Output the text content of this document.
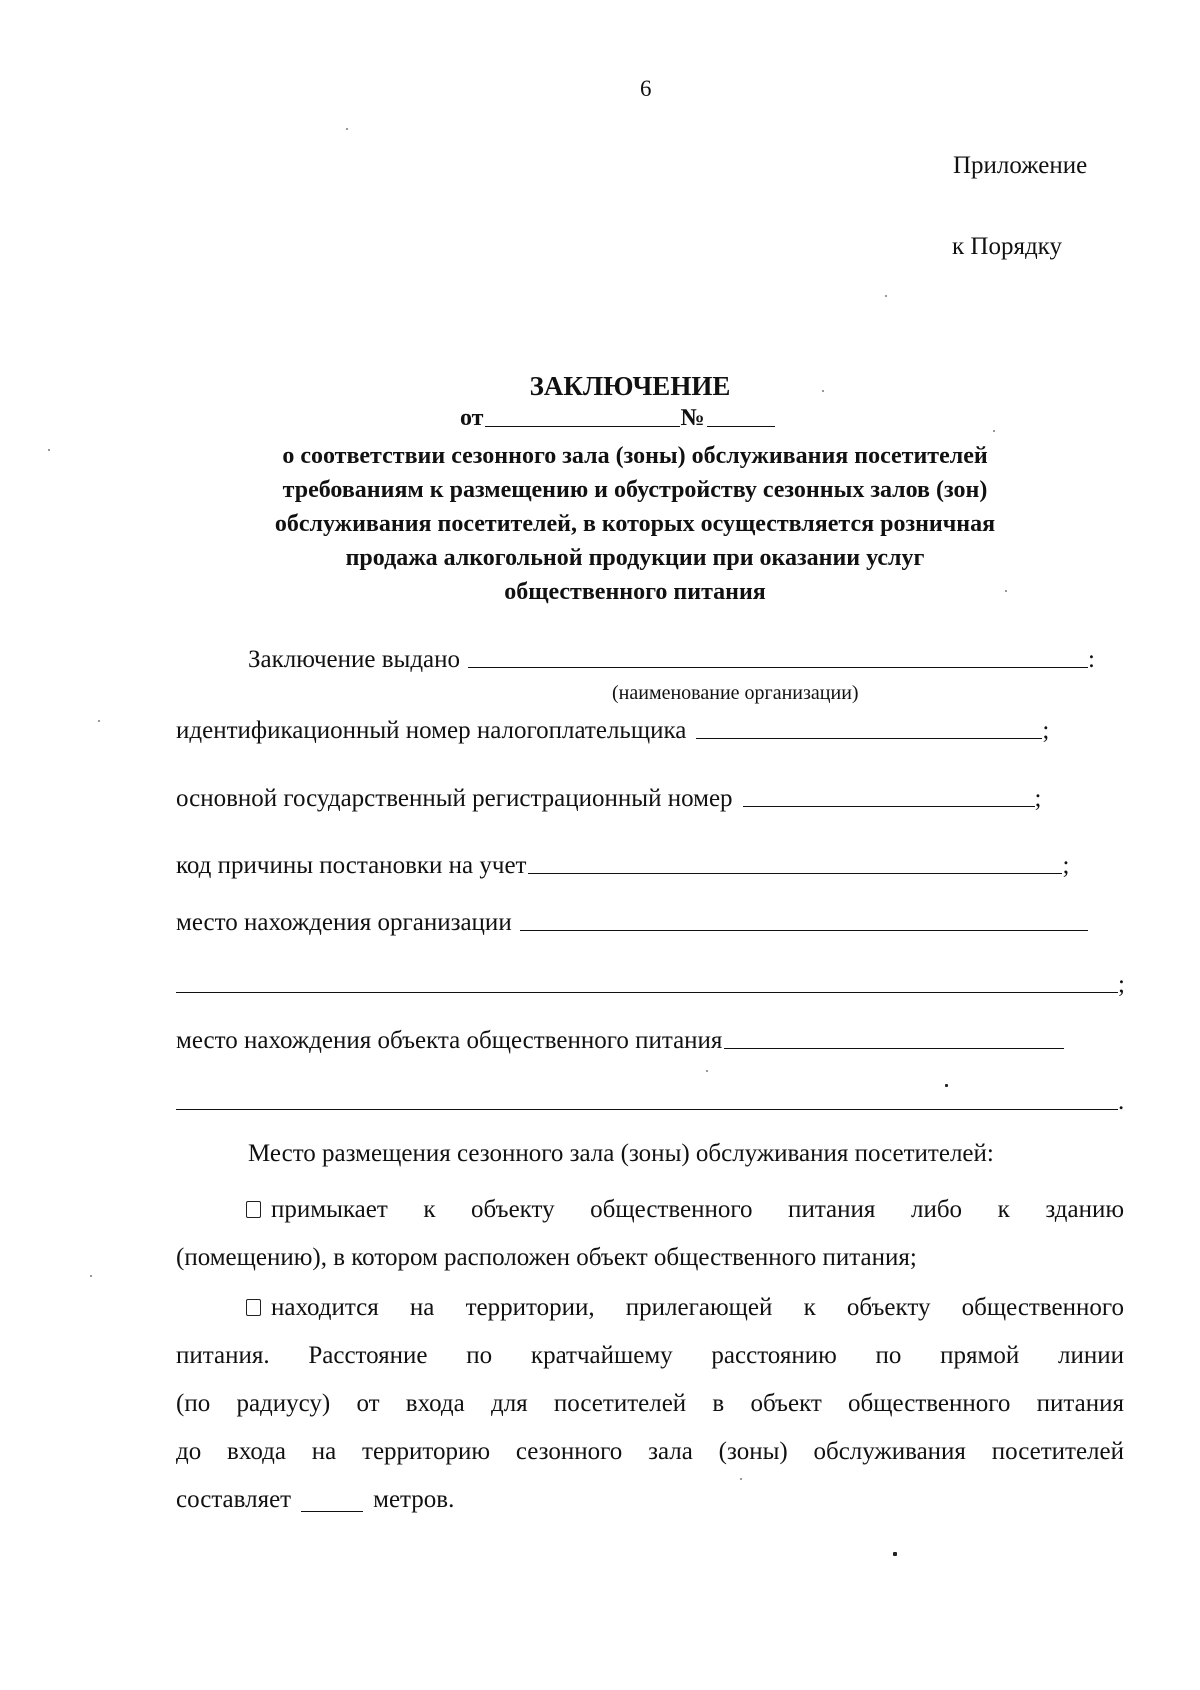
6
Приложение
к Порядку
ЗАКЛЮЧЕНИЕ
от	№
о соответствии сезонного зала (зоны) обслуживания посетителей
требованиям к размещению и обустройству сезонных залов (зон)
обслуживания посетителей, в которых осуществляется розничная
продажа алкогольной продукции при оказании услуг
общественного питания
Заключение выдано	:
(наименование организации)
идентификационный номер налогоплательщика	;
основной государственный регистрационный номер	;
код причины постановки на учет	;
место нахождения организации
;
место нахождения объекта общественного питания
.
Место размещения сезонного зала (зоны) обслуживания посетителей:
примыкает к объекту общественного питания либо к зданию
(помещению), в котором расположен объект общественного питания;
находится на территории, прилегающей к объекту общественного
питания. Расстояние по кратчайшему расстоянию по прямой линии
(по радиусу) от входа для посетителей в объект общественного питания
до входа на территорию сезонного зала (зоны) обслуживания посетителей
составляет	метров.
